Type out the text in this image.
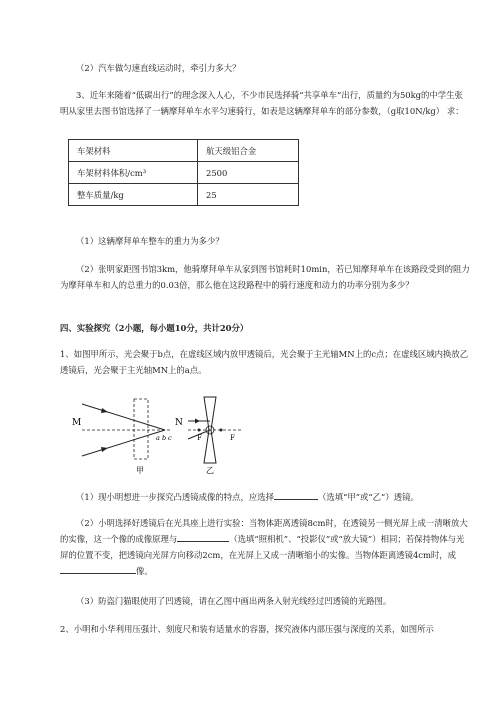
（2）汽车做匀速直线运动时，牵引力多大？

3、近年来随着“低碳出行”的理念深入人心，不少市民选择骑“共享单车”出行，质量约为50kg的中学生张明从家里去图书馆选择了一辆摩拜单车水平匀速骑行，如表是这辆摩拜单车的部分参数，（g取10N/kg） 求：

车架材料	航天级铝合金
车架材料体积/cm³	2500
整车质量/kg	25

（1）这辆摩拜单车整车的重力为多少？

（2）张明家距图书馆3km，他骑摩拜单车从家到图书馆耗时10min，若已知摩拜单车在该路段受到的阻力为摩拜单车和人的总重力的0.03倍，那么他在这段路程中的骑行速度和动力的功率分别为多少？

四、实验探究（2小题，每小题10分，共计20分）

1、如图甲所示，光会聚于b点，在虚线区域内放甲透镜后，光会聚于主光轴MN上的c点；在虚线区域内换放乙透镜后，光会聚于主光轴MN上的a点。

M	N
a b c
甲
F	F
乙

（1）现小明想进一步探究凸透镜成像的特点，应选择	（选填“甲”或“乙”）透镜。

（2）小明选择好透镜后在光具座上进行实验：当物体距离透镜8cm时，在透镜另一侧光屏上成一清晰放大的实像，这一个像的成像原理与	（选填“照相机”、“投影仪”或“放大镜”）相同；若保持物体与光屏的位置不变，把透镜向光屏方向移动2cm，在光屏上又成一清晰缩小的实像。当物体距离透镜4cm时，成像。

（3）防盗门猫眼使用了凹透镜，请在乙图中画出两条入射光线经过凹透镜的光路图。

2、小明和小华利用压强计、刻度尺和装有适量水的容器，探究液体内部压强与深度的关系，如图所示
